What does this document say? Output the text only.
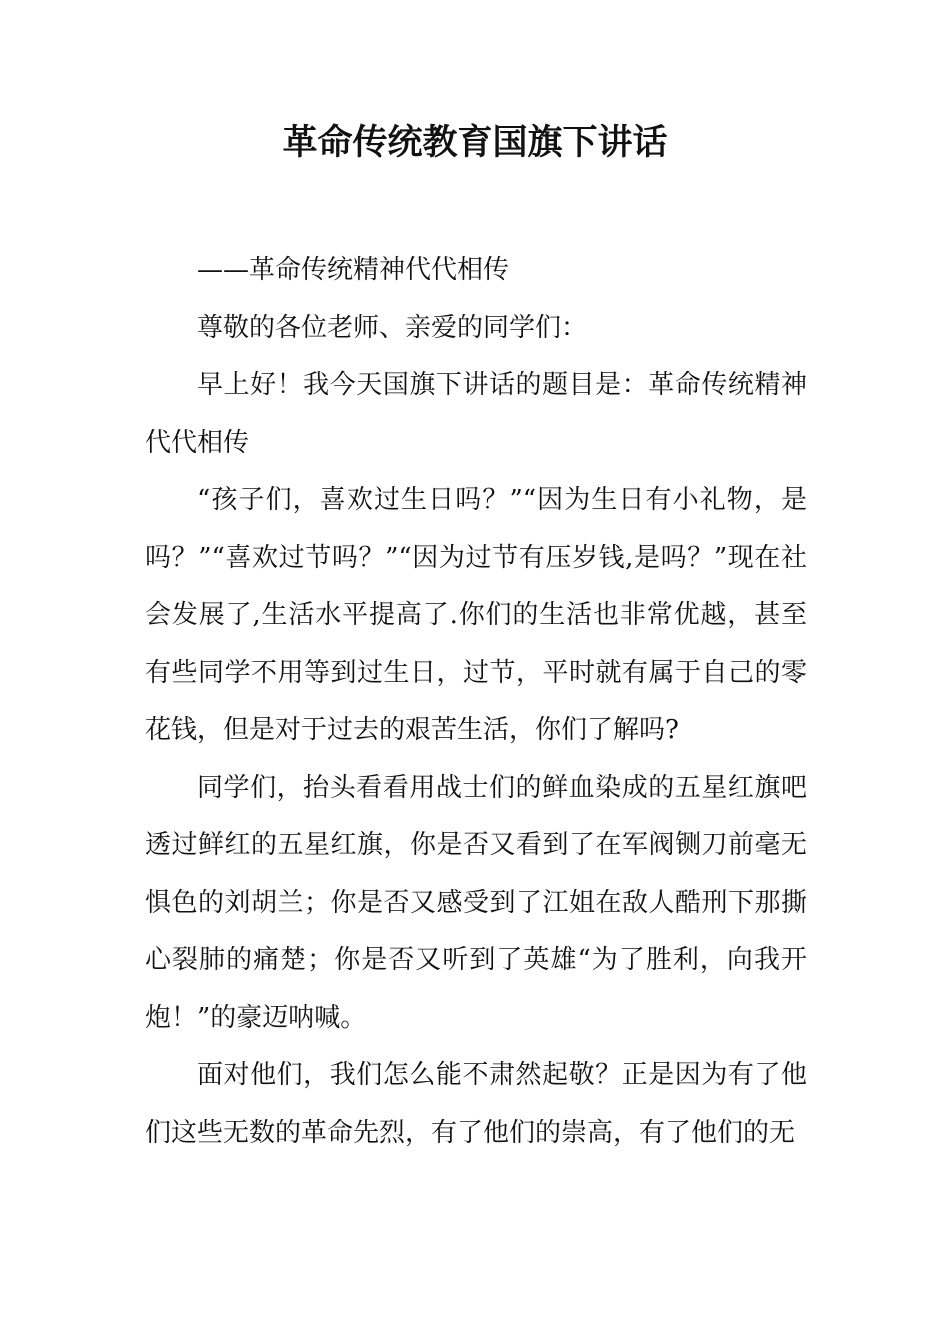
革命传统教育国旗下讲话

——革命传统精神代代相传

尊敬的各位老师、亲爱的同学们：

早上好！我今天国旗下讲话的题目是：革命传统精神代代相传

“孩子们，喜欢过生日吗？”“因为生日有小礼物，是吗？”“喜欢过节吗？”“因为过节有压岁钱,是吗？”现在社会发展了,生活水平提高了.你们的生活也非常优越，甚至有些同学不用等到过生日，过节，平时就有属于自己的零花钱，但是对于过去的艰苦生活，你们了解吗?

同学们，抬头看看用战士们的鲜血染成的五星红旗吧透过鲜红的五星红旗，你是否又看到了在军阀铡刀前毫无惧色的刘胡兰；你是否又感受到了江姐在敌人酷刑下那撕心裂肺的痛楚；你是否又听到了英雄“为了胜利，向我开炮！”的豪迈呐喊。

面对他们，我们怎么能不肃然起敬？正是因为有了他们这些无数的革命先烈，有了他们的崇高，有了他们的无
